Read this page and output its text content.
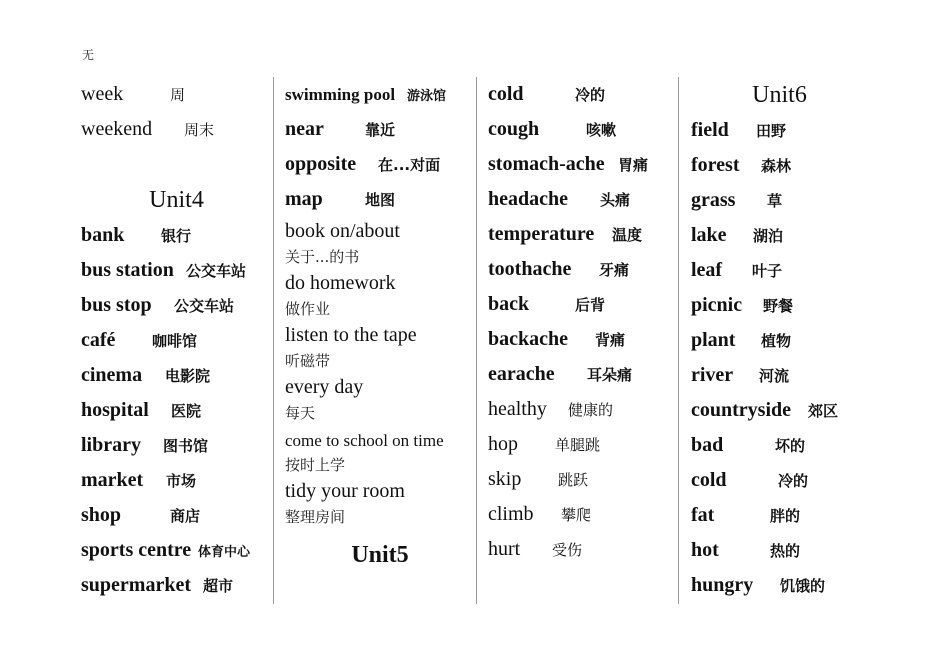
无
week	周
weekend	周末
Unit4
bank	银行
bus station 公交车站
bus stop	公交车站
café	咖啡馆
cinema	电影院
hospital	医院
library	图书馆
market	市场
shop	商店
sports centre 体育中心
supermarket 超市
swimming pool 游泳馆
near	靠近
opposite	在...对面
map	地图
book on/about
关于...的书
do homework
做作业
listen to the tape
听磁带
every day
每天
come to school on time
按时上学
tidy your room
整理房间
Unit5
cold	冷的
cough	咳嗽
stomach-ache 胃痛
headache	头痛
temperature	温度
toothache	牙痛
back	后背
backache	背痛
earache	耳朵痛
healthy	健康的
hop	单腿跳
skip	跳跃
climb	攀爬
hurt	受伤
Unit6
field	田野
forest	森林
grass	草
lake	湖泊
leaf	叶子
picnic	野餐
plant	植物
river	河流
countryside	郊区
bad	坏的
cold	冷的
fat	胖的
hot	热的
hungry	饥饿的
